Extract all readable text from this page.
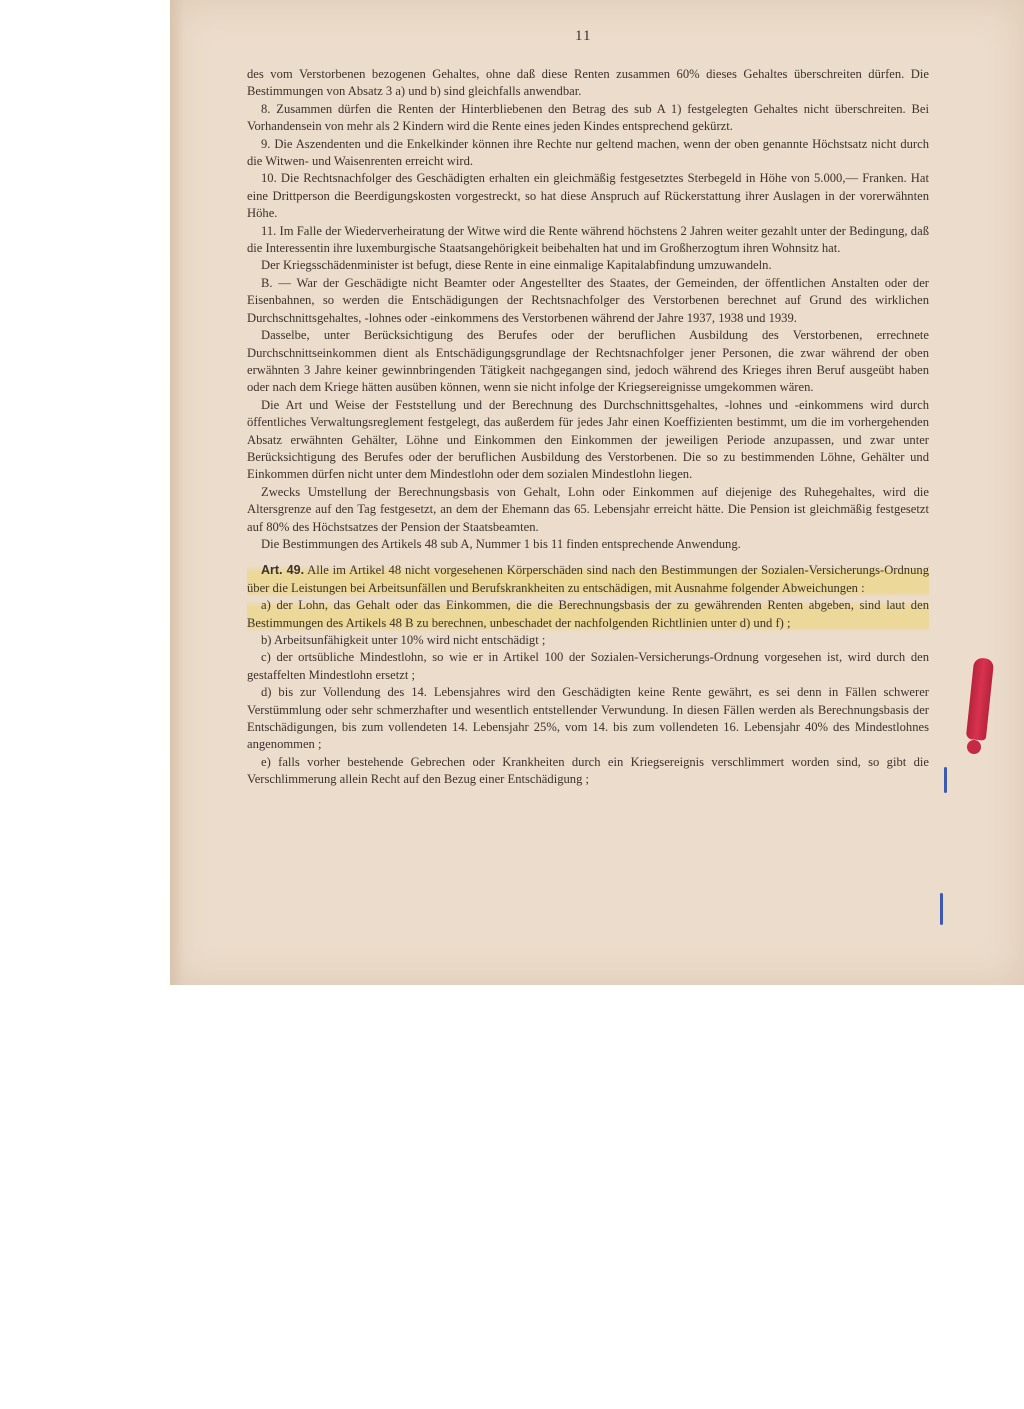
11

des vom Verstorbenen bezogenen Gehaltes, ohne daß diese Renten zusammen 60% dieses Gehaltes überschreiten dürfen. Die Bestimmungen von Absatz 3 a) und b) sind gleichfalls anwendbar.

8. Zusammen dürfen die Renten der Hinterbliebenen den Betrag des sub A 1) festgelegten Gehaltes nicht überschreiten. Bei Vorhandensein von mehr als 2 Kindern wird die Rente eines jeden Kindes entsprechend gekürzt.

9. Die Aszendenten und die Enkelkinder können ihre Rechte nur geltend machen, wenn der oben genannte Höchstsatz nicht durch die Witwen- und Waisenrenten erreicht wird.

10. Die Rechtsnachfolger des Geschädigten erhalten ein gleichmäßig festgesetztes Sterbegeld in Höhe von 5.000,— Franken. Hat eine Drittperson die Beerdigungskosten vorgestreckt, so hat diese Anspruch auf Rückerstattung ihrer Auslagen in der vorerwähnten Höhe.

11. Im Falle der Wiederverheiratung der Witwe wird die Rente während höchstens 2 Jahren weiter gezahlt unter der Bedingung, daß die Interessentin ihre luxemburgische Staatsangehörigkeit beibehalten hat und im Großherzogtum ihren Wohnsitz hat.

Der Kriegsschädenminister ist befugt, diese Rente in eine einmalige Kapitalabfindung umzuwandeln.

B. — War der Geschädigte nicht Beamter oder Angestellter des Staates, der Gemeinden, der öffentlichen Anstalten oder der Eisenbahnen, so werden die Entschädigungen der Rechtsnachfolger des Verstorbenen berechnet auf Grund des wirklichen Durchschnittsgehaltes, -lohnes oder -einkommens des Verstorbenen während der Jahre 1937, 1938 und 1939.

Dasselbe, unter Berücksichtigung des Berufes oder der beruflichen Ausbildung des Verstorbenen, errechnete Durchschnittseinkommen dient als Entschädigungsgrundlage der Rechtsnachfolger jener Personen, die zwar während der oben erwähnten 3 Jahre keiner gewinnbringenden Tätigkeit nachgegangen sind, jedoch während des Krieges ihren Beruf ausgeübt haben oder nach dem Kriege hätten ausüben können, wenn sie nicht infolge der Kriegsereignisse umgekommen wären.

Die Art und Weise der Feststellung und der Berechnung des Durchschnittsgehaltes, -lohnes und -einkommens wird durch öffentliches Verwaltungsreglement festgelegt, das außerdem für jedes Jahr einen Koeffizienten bestimmt, um die im vorhergehenden Absatz erwähnten Gehälter, Löhne und Einkommen den Einkommen der jeweiligen Periode anzupassen, und zwar unter Berücksichtigung des Berufes oder der beruflichen Ausbildung des Verstorbenen. Die so zu bestimmenden Löhne, Gehälter und Einkommen dürfen nicht unter dem Mindestlohn oder dem sozialen Mindestlohn liegen.

Zwecks Umstellung der Berechnungsbasis von Gehalt, Lohn oder Einkommen auf diejenige des Ruhegehaltes, wird die Altersgrenze auf den Tag festgesetzt, an dem der Ehemann das 65. Lebensjahr erreicht hätte. Die Pension ist gleichmäßig festgesetzt auf 80% des Höchstsatzes der Pension der Staatsbeamten.

Die Bestimmungen des Artikels 48 sub A, Nummer 1 bis 11 finden entsprechende Anwendung.

Art. 49. Alle im Artikel 48 nicht vorgesehenen Körperschäden sind nach den Bestimmungen der Sozialen-Versicherungs-Ordnung über die Leistungen bei Arbeitsunfällen und Berufskrankheiten zu entschädigen, mit Ausnahme folgender Abweichungen :

a) der Lohn, das Gehalt oder das Einkommen, die die Berechnungsbasis der zu gewährenden Renten abgeben, sind laut den Bestimmungen des Artikels 48 B zu berechnen, unbeschadet der nachfolgenden Richtlinien unter d) und f) ;

b) Arbeitsunfähigkeit unter 10% wird nicht entschädigt ;

c) der ortsübliche Mindestlohn, so wie er in Artikel 100 der Sozialen-Versicherungs-Ordnung vorgesehen ist, wird durch den gestaffelten Mindestlohn ersetzt ;

d) bis zur Vollendung des 14. Lebensjahres wird den Geschädigten keine Rente gewährt, es sei denn in Fällen schwerer Verstümmlung oder sehr schmerzhafter und wesentlich entstellender Verwundung. In diesen Fällen werden als Berechnungsbasis der Entschädigungen, bis zum vollendeten 14. Lebensjahr 25%, vom 14. bis zum vollendeten 16. Lebensjahr 40% des Mindestlohnes angenommen ;

e) falls vorher bestehende Gebrechen oder Krankheiten durch ein Kriegsereignis verschlimmert worden sind, so gibt die Verschlimmerung allein Recht auf den Bezug einer Entschädigung ;
